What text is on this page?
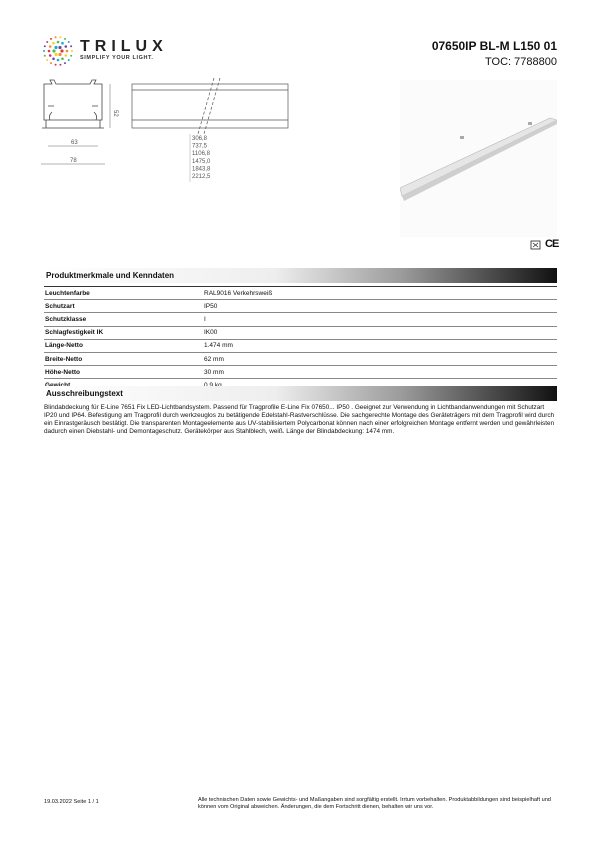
TRILUX
SIMPLIFY YOUR LIGHT.
07650IP BL-M L150 01
TOC: 7788800
63
78
52
306,8
737,5
1106,8
1475,0
1843,8
2212,5
CE
Produktmerkmale und Kenndaten
Leuchtenfarbe	RAL9016 Verkehrsweiß
Schutzart	IP50
Schutzklasse	I
Schlagfestigkeit IK	IK00
Länge-Netto	1.474 mm
Breite-Netto	62 mm
Höhe-Netto	30 mm

Ausschreibungstext
Blindabdeckung für E-Line 7651 Fix LED-Lichtbandsystem. Passend für Tragprofile E-Line Fix 07650... IP50 . Geeignet zur Verwendung in Lichtbandanwendungen mit Schutzart IP20 und IP64. Befestigung am Tragprofil durch werkzeuglos zu betätigende Edelstahl-Rastverschlüsse. Die sachgerechte Montage des Geräteträgers mit dem Tragprofil wird durch ein Einrastgeräusch bestätigt. Die transparenten Montageelemente aus UV-stabilisiertem Polycarbonat können nach einer erfolgreichen Montage entfernt werden und gewährleisten dadurch einen Diebstahl- und Demontageschutz. Gerätekörper aus Stahlblech, weiß. Länge der Blindabdeckung: 1474 mm.
19.03.2022 Seite 1 / 1	Alle technischen Daten sowie Gewichts- und Maßangaben sind sorgfältig erstellt. Irrtum vorbehalten. Produktabbildungen sind beispielhaft und können vom Original abweichen. Änderungen, die dem Fortschritt dienen, behalten wir uns vor.
